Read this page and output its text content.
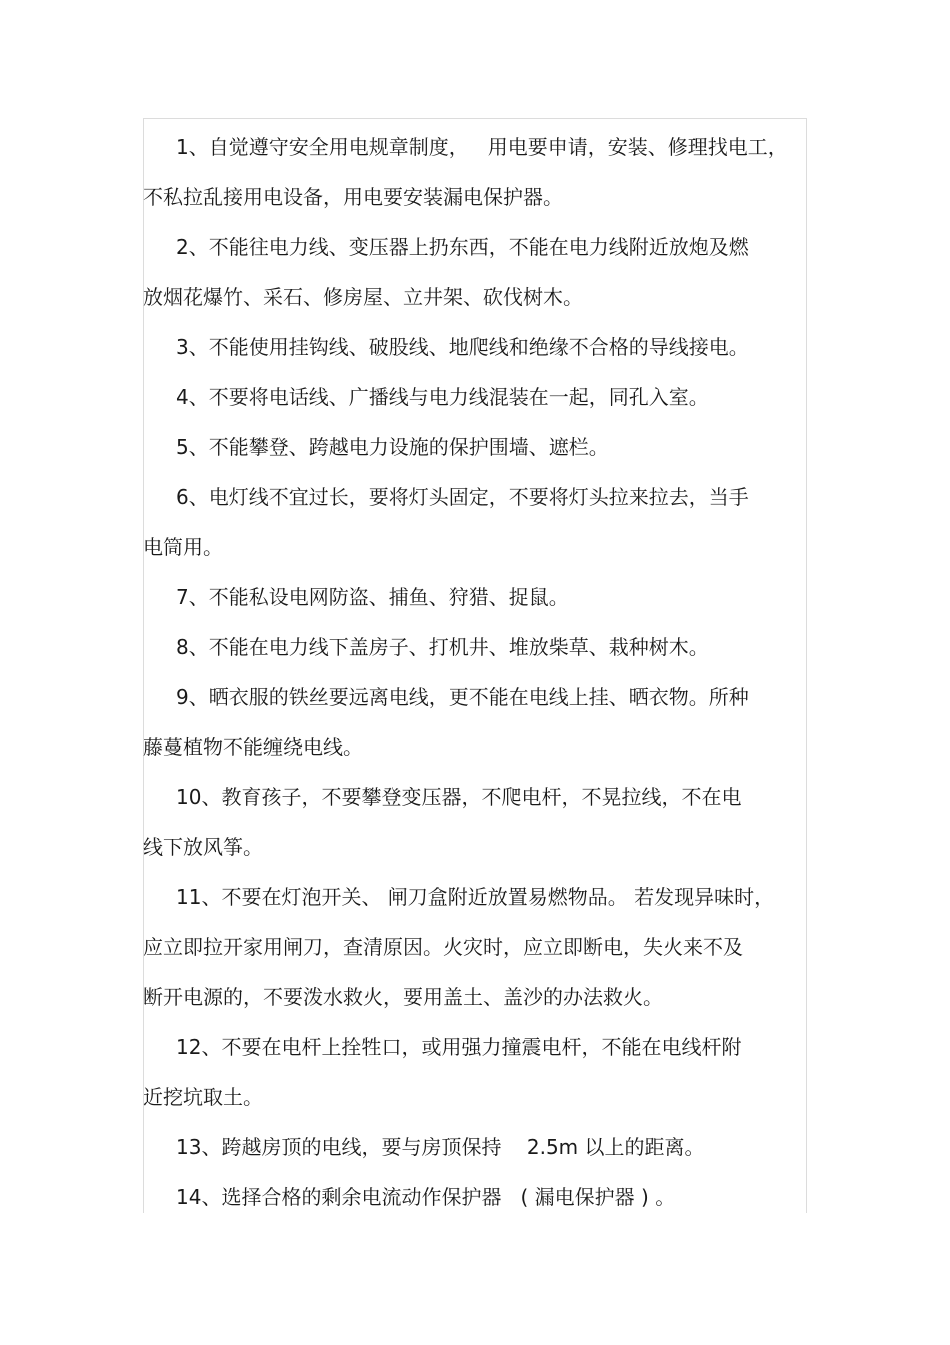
1、自觉遵守安全用电规章制度，   用电要申请，安装、修理找电工，
不私拉乱接用电设备，用电要安装漏电保护器。

2、不能往电力线、变压器上扔东西，不能在电力线附近放炮及燃
放烟花爆竹、采石、修房屋、立井架、砍伐树木。

3、不能使用挂钩线、破股线、地爬线和绝缘不合格的导线接电。

4、不要将电话线、广播线与电力线混装在一起，同孔入室。

5、不能攀登、跨越电力设施的保护围墙、遮栏。

6、电灯线不宜过长，要将灯头固定，不要将灯头拉来拉去，当手
电筒用。

7、不能私设电网防盗、捕鱼、狩猎、捉鼠。

8、不能在电力线下盖房子、打机井、堆放柴草、栽种树木。

9、晒衣服的铁丝要远离电线，更不能在电线上挂、晒衣物。所种
藤蔓植物不能缠绕电线。

10、教育孩子，不要攀登变压器，不爬电杆，不晃拉线，不在电
线下放风筝。

11、不要在灯泡开关、 闸刀盒附近放置易燃物品。 若发现异味时，
应立即拉开家用闸刀，查清原因。火灾时，应立即断电，失火来不及
断开电源的，不要泼水救火，要用盖土、盖沙的办法救火。

12、不要在电杆上拴牲口，或用强力撞震电杆，不能在电线杆附
近挖坑取土。

13、跨越房顶的电线，要与房顶保持    2.5m 以上的距离。

14、选择合格的剩余电流动作保护器   ( 漏电保护器 ) 。
